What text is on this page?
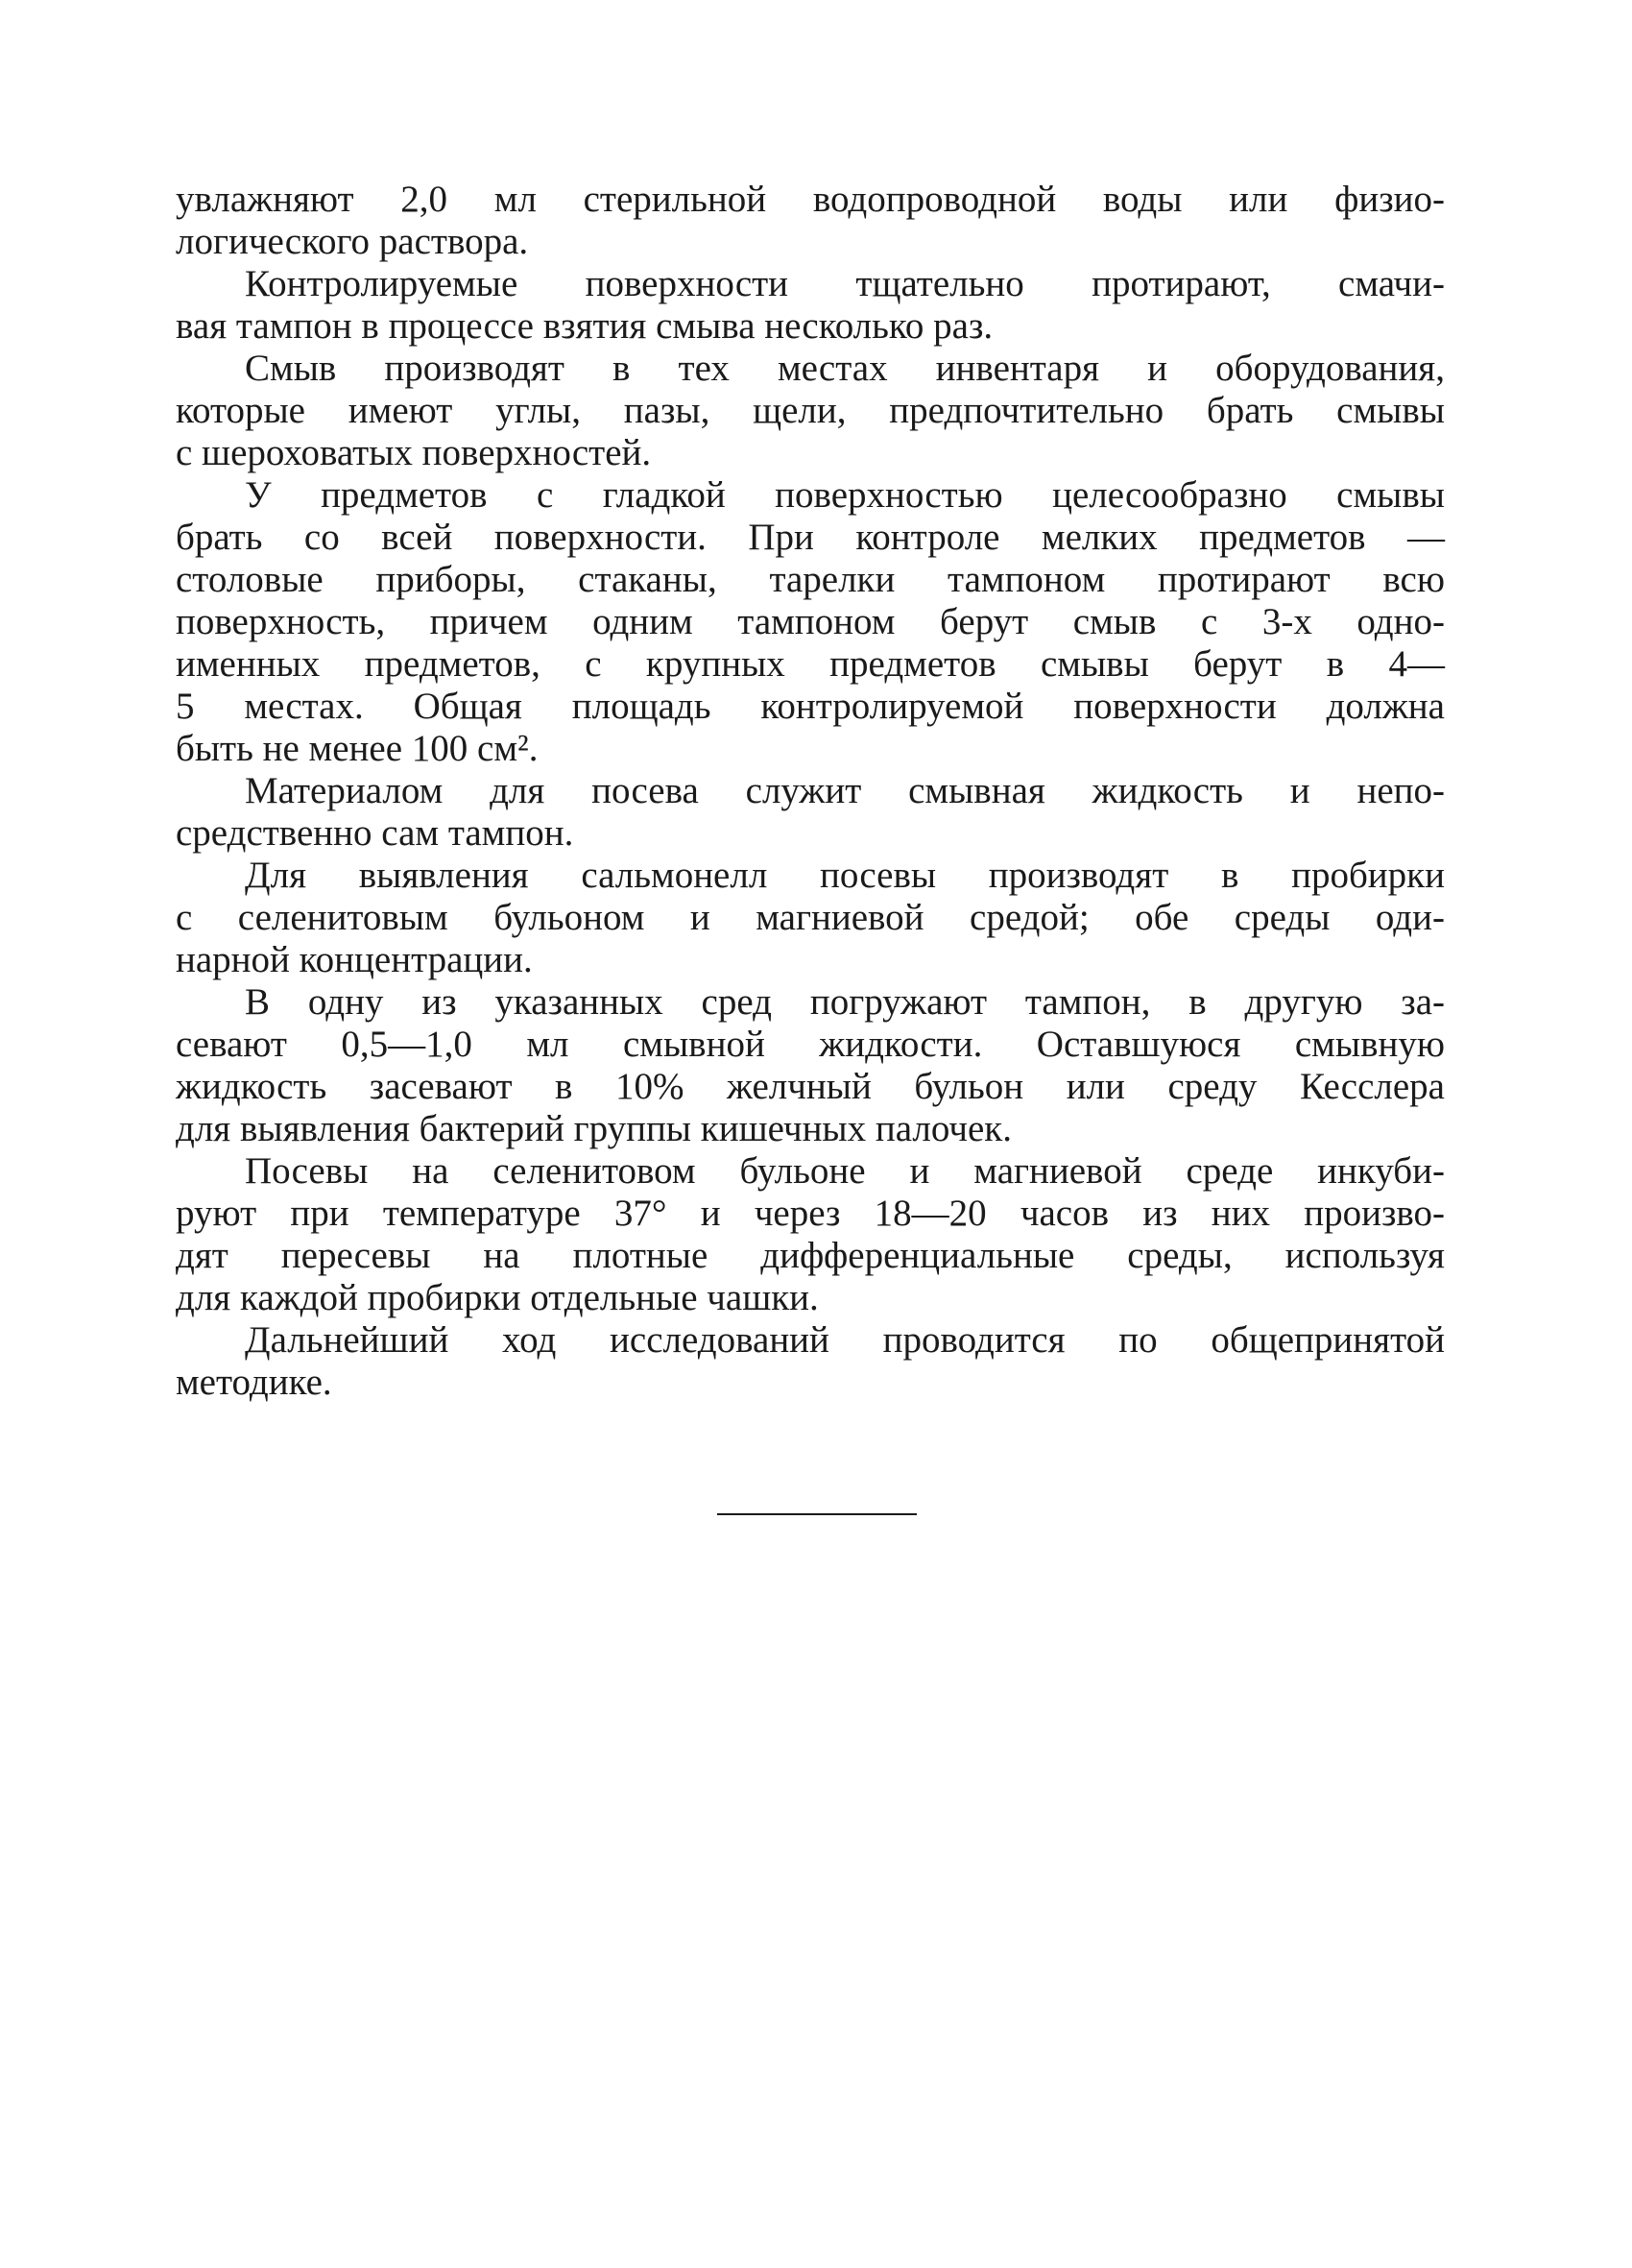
увлажняют 2,0 мл стерильной водопроводной воды или физио-
логического раствора.
Контролируемые поверхности тщательно протирают, смачи-
вая тампон в процессе взятия смыва несколько раз.
Смыв производят в тех местах инвентаря и оборудования,
которые имеют углы, пазы, щели, предпочтительно брать смывы
с шероховатых поверхностей.
У предметов с гладкой поверхностью целесообразно смывы
брать со всей поверхности. При контроле мелких предметов —
столовые приборы, стаканы, тарелки тампоном протирают всю
поверхность, причем одним тампоном берут смыв с 3-х одно-
именных предметов, с крупных предметов смывы берут в 4—
5 местах. Общая площадь контролируемой поверхности должна
быть не менее 100 см².
Материалом для посева служит смывная жидкость и непо-
средственно сам тампон.
Для выявления сальмонелл посевы производят в пробирки
с селенитовым бульоном и магниевой средой; обе среды оди-
нарной концентрации.
В одну из указанных сред погружают тампон, в другую за-
севают 0,5—1,0 мл смывной жидкости. Оставшуюся смывную
жидкость засевают в 10% желчный бульон или среду Кесслера
для выявления бактерий группы кишечных палочек.
Посевы на селенитовом бульоне и магниевой среде инкуби-
руют при температуре 37° и через 18—20 часов из них произво-
дят пересевы на плотные дифференциальные среды, используя
для каждой пробирки отдельные чашки.
Дальнейший ход исследований проводится по общепринятой
методике.
